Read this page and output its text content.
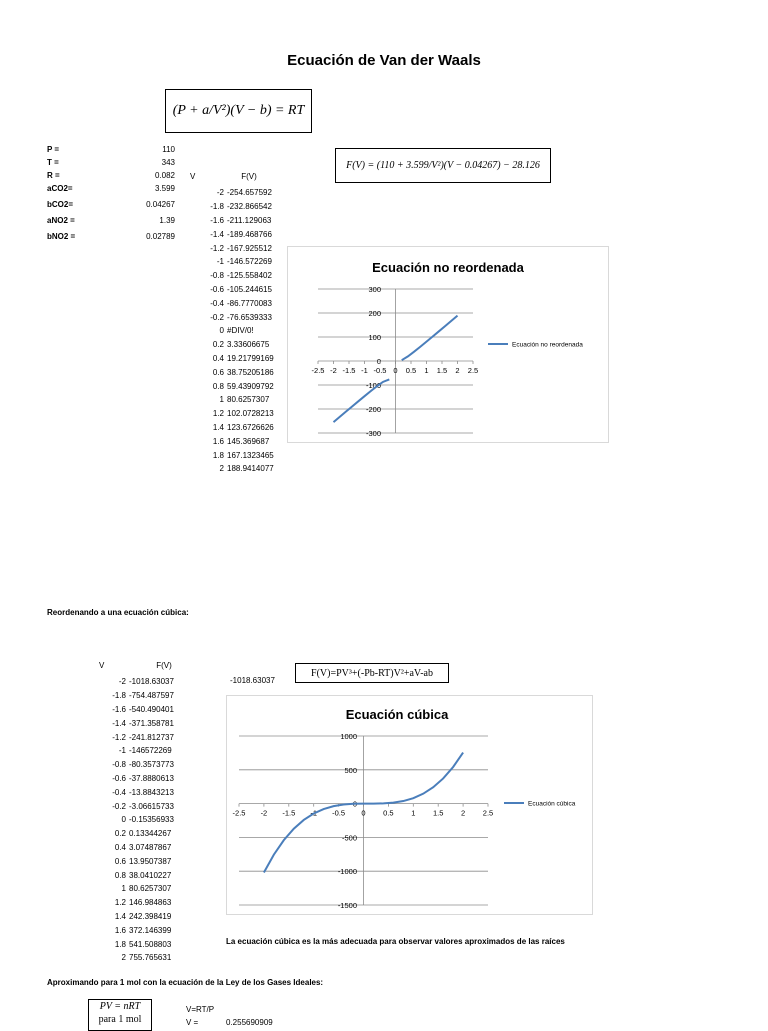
Ecuación de Van der Waals
(P + a/V²)(V − b) = RT
P =	110
T =	343
R =	0.082
aCO2=	3.599
bCO2=	0.04267
aNO2 =	1.39
bNO2 =	0.02789
V	F(V)
-2 -254.657592
-1.8 -232.866542
-1.6 -211.129063
-1.4 -189.468766
-1.2 -167.925512
-1 -146.572269
-0.8 -125.558402
-0.6 -105.244615
-0.4 -86.7770083
-0.2 -76.6539333
0 #DIV/0!
0.2 3.33606675
0.4 19.21799169
0.6 38.75205186
0.8 59.43909792
1 80.6257307
1.2 102.0728213
1.4 123.6726626
1.6 145.369687
1.8 167.1323465
2 188.9414077
F(V) = (110 + 3.599/V²)(V − 0.04267) − 28.126
Ecuación no reordenada
300
200
100
0
-100
-200
-300
-2.5 -2 -1.5 -1 -0.5 0 0.5 1 1.5 2 2.5
Ecuación no reordenada
Reordenando a una ecuación cúbica:
V	F(V)
-2 -1018.63037
-1.8 -754.487597
-1.6 -540.490401
-1.4 -371.358781
-1.2 -241.812737
-1 -146572269
-0.8 -80.3573773
-0.6 -37.8880613
-0.4 -13.8843213
-0.2 -3.06615733
0 -0.15356933
0.2 0.13344267
0.4 3.07487867
0.6 13.9507387
0.8 38.0410227
1 80.6257307
1.2 146.984863
1.4 242.398419
1.6 372.146399
1.8 541.508803
2 755.765631
-1018.63037
F(V)=PV³+(-Pb-RT)V²+aV-ab
Ecuación cúbica
1000
500
0
-500
-1000
-1500
-2.5 -2 -1.5 -1 -0.5 0 0.5 1 1.5 2 2.5
Ecuación cúbica
La ecuación cúbica es la más adecuada para observar valores aproximados de las raíces
Aproximando para 1 mol con la ecuación de la Ley de los Gases Ideales:
PV = nRT
para 1 mol
V=RT/P
V =	0.255690909
